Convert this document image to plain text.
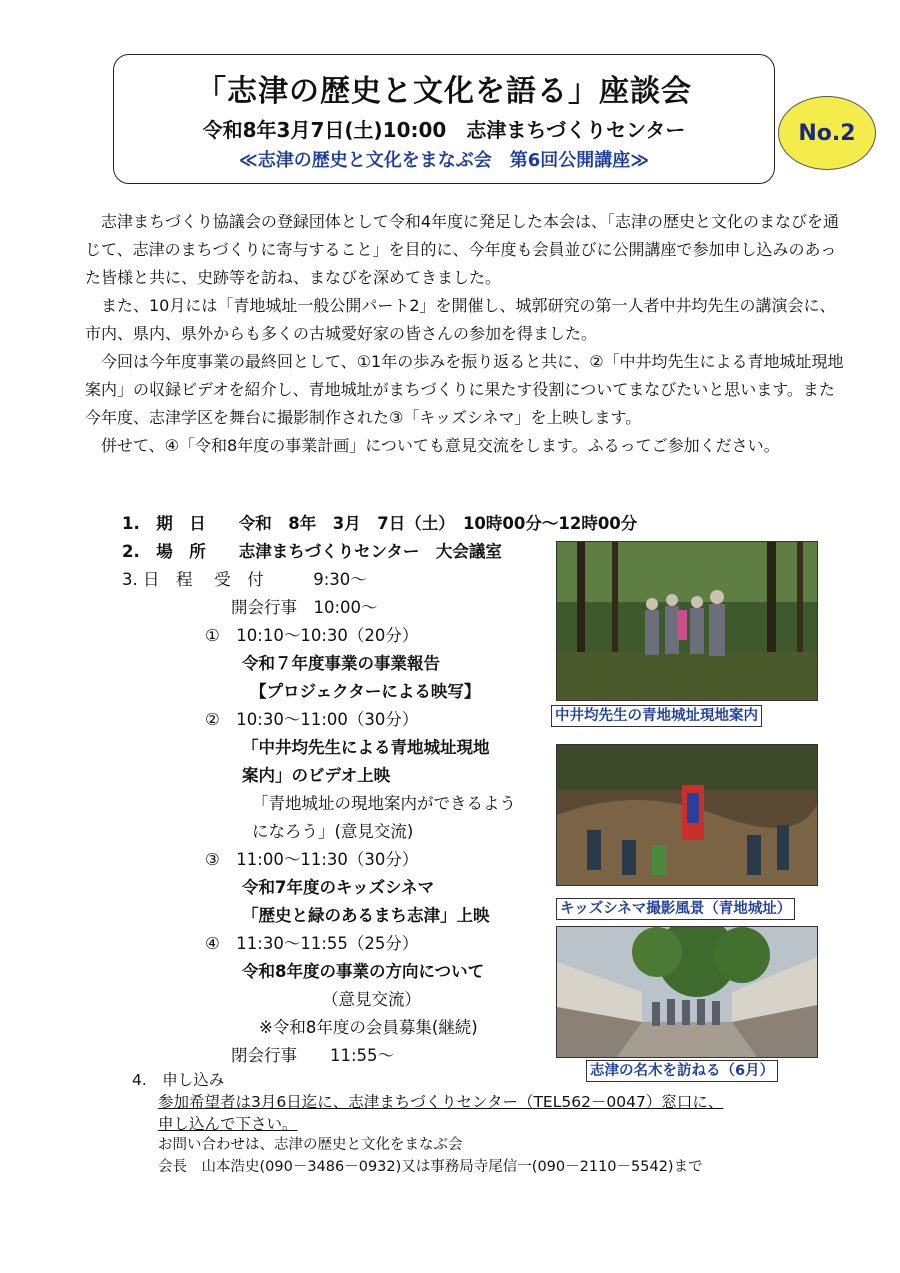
「志津の歴史と文化を語る」座談会
令和8年3月7日(土)10:00　志津まちづくりセンター
≪志津の歴史と文化をまなぶ会　第6回公開講座≫
No.2

志津まちづくり協議会の登録団体として令和4年度に発足した本会は、「志津の歴史と文化のまなびを通じて、志津のまちづくりに寄与すること」を目的に、今年度も会員並びに公開講座で参加申し込みのあった皆様と共に、史跡等を訪ね、まなびを深めてきました。

また、10月には「青地城址一般公開パート2」を開催し、城郭研究の第一人者中井均先生の講演会に、市内、県内、県外からも多くの古城愛好家の皆さんの参加を得ました。

今回は今年度事業の最終回として、①1年の歩みを振り返ると共に、②「中井均先生による青地城址現地案内」の収録ビデオを紹介し、青地城址がまちづくりに果たす役割についてまなびたいと思います。また今年度、志津学区を舞台に撮影制作された③「キッズシネマ」を上映します。

併せて、④「令和8年度の事業計画」についても意見交流をします。ふるってご参加ください。

1.　期　日　　令和　8年　3月　7日（土）　10時00分～12時00分
2.　場　所　　志津まちづくりセンター　大会議室
3. 日　程　 受　付　　　9:30～
開会行事　10:00～
①　10:10～10:30（20分）
令和７年度事業の事業報告
【プロジェクターによる映写】
②　10:30～11:00（30分）
「中井均先生による青地城址現地
案内」のビデオ上映
「青地城址の現地案内ができるよう
になろう」(意見交流)
③　11:00～11:30（30分）
令和7年度のキッズシネマ
「歴史と緑のあるまち志津」上映
④　11:30～11:55（25分）
令和8年度の事業の方向について
（意見交流）
※令和8年度の会員募集(継続)
閉会行事　　11:55～
4.　申し込み
参加希望者は3月6日迄に、志津まちづくりセンター（TEL562－0047）窓口に、
申し込んで下さい。
お問い合わせは、志津の歴史と文化をまなぶ会
会長　山本浩史(090－3486－0932)又は事務局寺尾信一(090－2110－5542)まで
中井均先生の青地城址現地案内
キッズシネマ撮影風景（青地城址）
志津の名木を訪ねる（6月）
